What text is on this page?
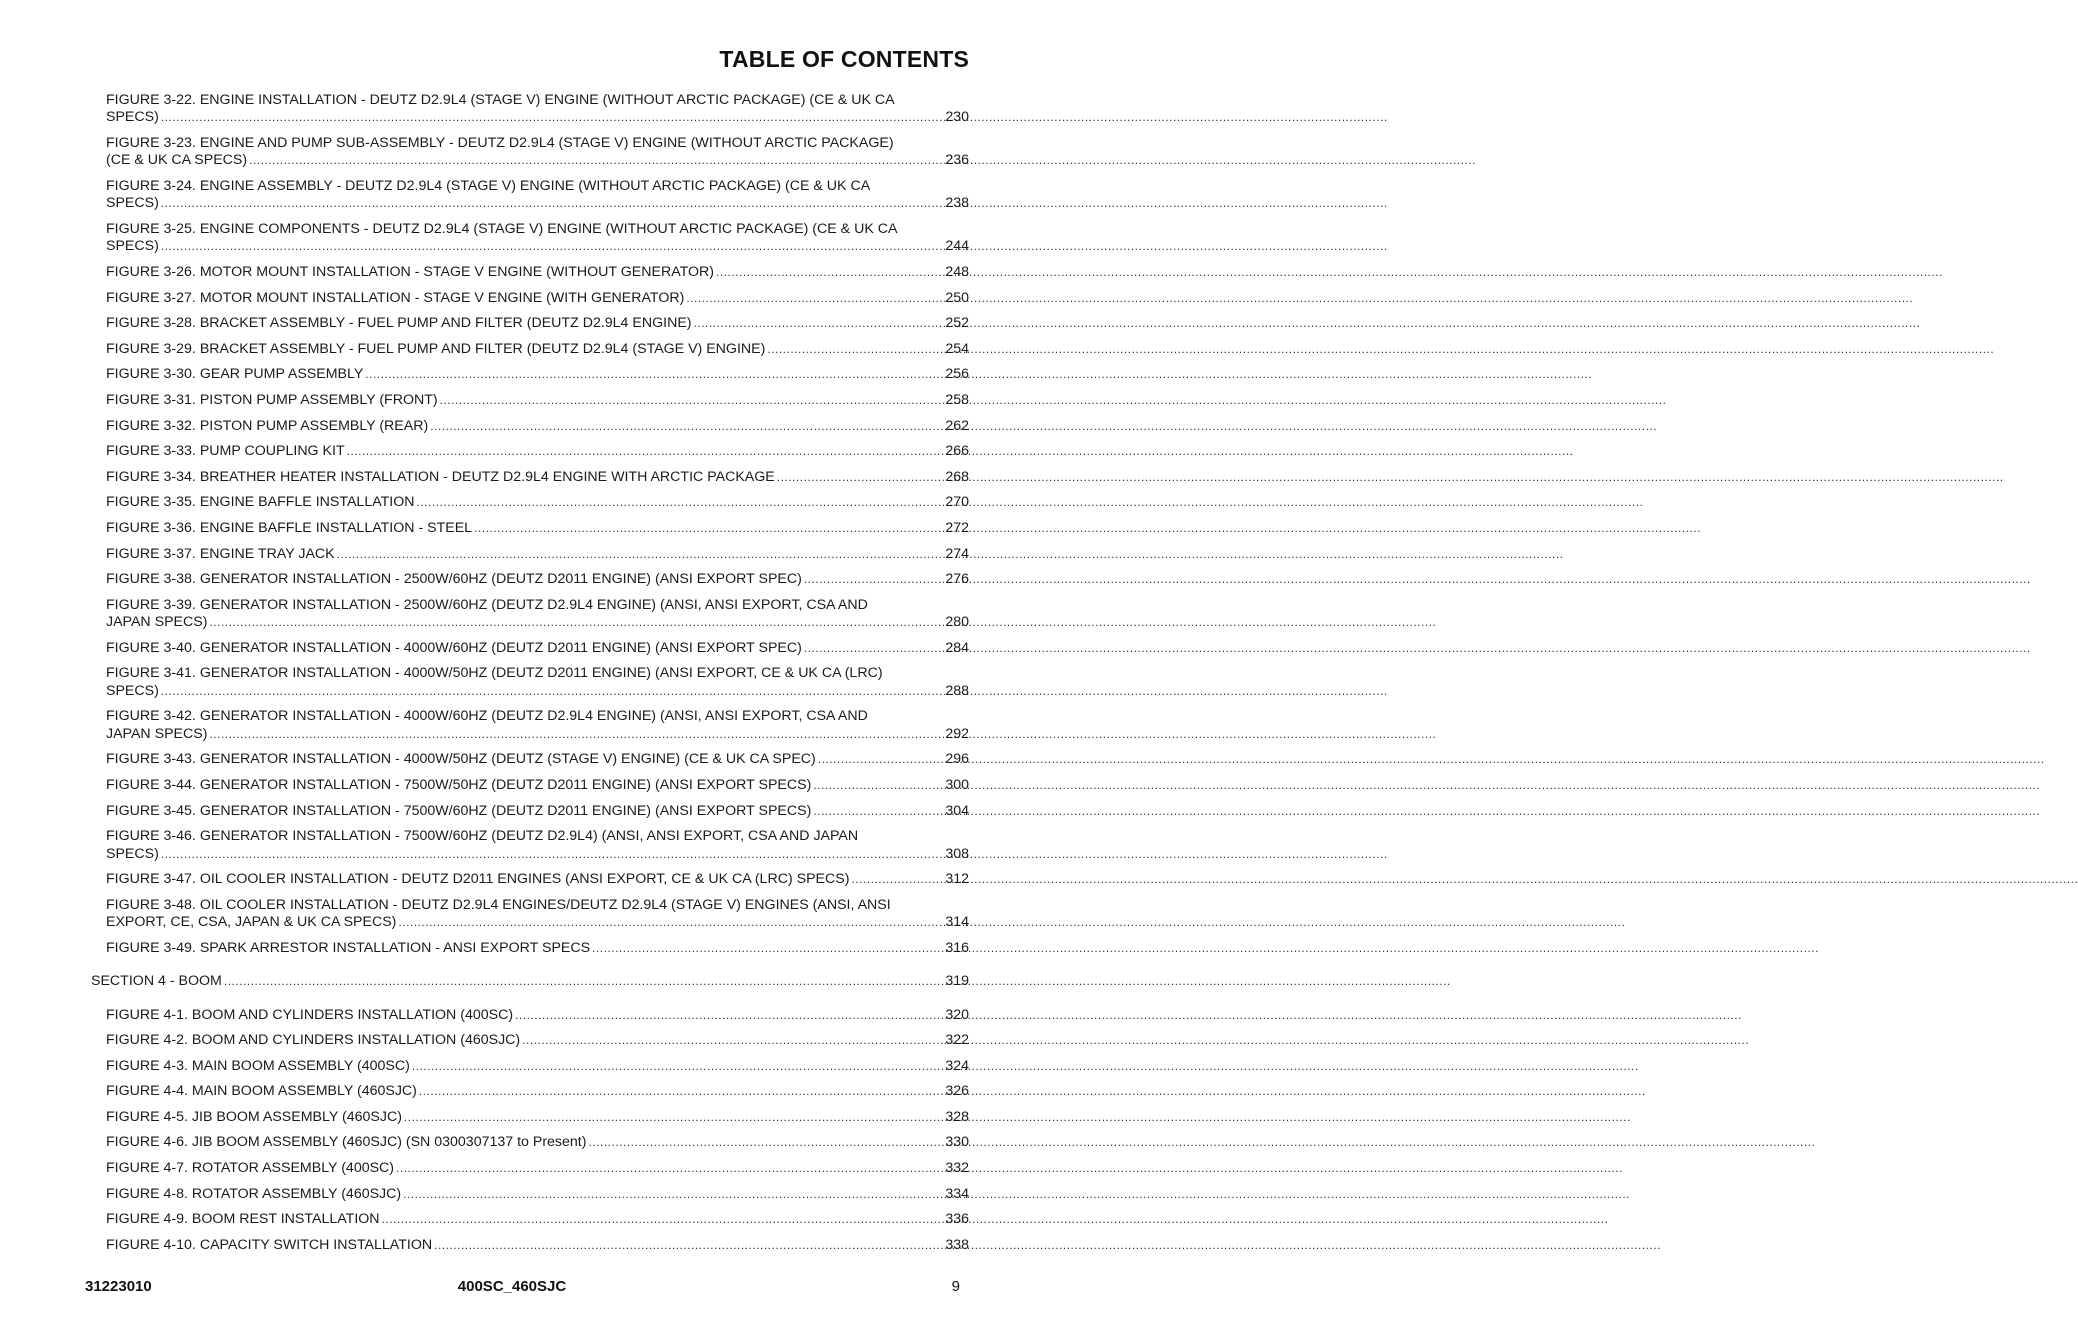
TABLE OF CONTENTS
FIGURE 3-22. ENGINE INSTALLATION - DEUTZ D2.9L4 (STAGE V) ENGINE (WITHOUT ARCTIC PACKAGE) (CE & UK CA
SPECS) .....	230
FIGURE 3-23. ENGINE AND PUMP SUB-ASSEMBLY - DEUTZ D2.9L4 (STAGE V) ENGINE (WITHOUT ARCTIC PACKAGE)
(CE & UK CA SPECS) .....	236
FIGURE 3-24. ENGINE ASSEMBLY - DEUTZ D2.9L4 (STAGE V) ENGINE (WITHOUT ARCTIC PACKAGE) (CE & UK CA
SPECS) .....	238
FIGURE 3-25. ENGINE COMPONENTS - DEUTZ D2.9L4 (STAGE V) ENGINE (WITHOUT ARCTIC PACKAGE) (CE & UK CA
SPECS) .....	244
FIGURE 3-26. MOTOR MOUNT INSTALLATION - STAGE V ENGINE (WITHOUT GENERATOR) .....	248
FIGURE 3-27. MOTOR MOUNT INSTALLATION - STAGE V ENGINE (WITH GENERATOR) .....	250
FIGURE 3-28. BRACKET ASSEMBLY - FUEL PUMP AND FILTER (DEUTZ D2.9L4 ENGINE) .....	252
FIGURE 3-29. BRACKET ASSEMBLY - FUEL PUMP AND FILTER (DEUTZ D2.9L4 (STAGE V) ENGINE) .....	254
FIGURE 3-30. GEAR PUMP ASSEMBLY .....	256
FIGURE 3-31. PISTON PUMP ASSEMBLY (FRONT) .....	258
FIGURE 3-32. PISTON PUMP ASSEMBLY (REAR) .....	262
FIGURE 3-33. PUMP COUPLING KIT .....	266
FIGURE 3-34. BREATHER HEATER INSTALLATION - DEUTZ D2.9L4 ENGINE WITH ARCTIC PACKAGE .....	268
FIGURE 3-35. ENGINE BAFFLE INSTALLATION .....	270
FIGURE 3-36. ENGINE BAFFLE INSTALLATION - STEEL .....	272
FIGURE 3-37. ENGINE TRAY JACK .....	274
FIGURE 3-38. GENERATOR INSTALLATION - 2500W/60HZ (DEUTZ D2011 ENGINE) (ANSI EXPORT SPEC) .....	276
FIGURE 3-39. GENERATOR INSTALLATION - 2500W/60HZ (DEUTZ D2.9L4 ENGINE) (ANSI, ANSI EXPORT, CSA AND
JAPAN SPECS) .....	280
FIGURE 3-40. GENERATOR INSTALLATION - 4000W/60HZ (DEUTZ D2011 ENGINE) (ANSI EXPORT SPEC) .....	284
FIGURE 3-41. GENERATOR INSTALLATION - 4000W/50HZ (DEUTZ D2011 ENGINE) (ANSI EXPORT, CE & UK CA (LRC)
SPECS) .....	288
FIGURE 3-42. GENERATOR INSTALLATION - 4000W/60HZ (DEUTZ D2.9L4 ENGINE) (ANSI, ANSI EXPORT, CSA AND
JAPAN SPECS) .....	292
FIGURE 3-43. GENERATOR INSTALLATION - 4000W/50HZ (DEUTZ (STAGE V) ENGINE) (CE & UK CA SPEC) .....	296
FIGURE 3-44. GENERATOR INSTALLATION - 7500W/50HZ (DEUTZ D2011 ENGINE) (ANSI EXPORT SPECS) .....	300
FIGURE 3-45. GENERATOR INSTALLATION - 7500W/60HZ (DEUTZ D2011 ENGINE) (ANSI EXPORT SPECS) .....	304
FIGURE 3-46. GENERATOR INSTALLATION - 7500W/60HZ (DEUTZ D2.9L4) (ANSI, ANSI EXPORT, CSA AND JAPAN
SPECS) .....	308
FIGURE 3-47. OIL COOLER INSTALLATION - DEUTZ D2011 ENGINES (ANSI EXPORT, CE & UK CA (LRC) SPECS) .....	312
FIGURE 3-48. OIL COOLER INSTALLATION - DEUTZ D2.9L4 ENGINES/DEUTZ D2.9L4 (STAGE V) ENGINES (ANSI, ANSI
EXPORT, CE, CSA, JAPAN & UK CA SPECS) .....	314
FIGURE 3-49. SPARK ARRESTOR INSTALLATION - ANSI EXPORT SPECS .....	316
SECTION 4 - BOOM .....	319
FIGURE 4-1. BOOM AND CYLINDERS INSTALLATION (400SC) .....	320
FIGURE 4-2. BOOM AND CYLINDERS INSTALLATION (460SJC) .....	322
FIGURE 4-3. MAIN BOOM ASSEMBLY (400SC) .....	324
FIGURE 4-4. MAIN BOOM ASSEMBLY (460SJC) .....	326
FIGURE 4-5. JIB BOOM ASSEMBLY (460SJC) .....	328
FIGURE 4-6. JIB BOOM ASSEMBLY (460SJC) (SN 0300307137 to Present) .....	330
FIGURE 4-7. ROTATOR ASSEMBLY (400SC) .....	332
FIGURE 4-8. ROTATOR ASSEMBLY (460SJC) .....	334
FIGURE 4-9. BOOM REST INSTALLATION .....	336
FIGURE 4-10. CAPACITY SWITCH INSTALLATION .....	338
31223010	400SC_460SJC	9
